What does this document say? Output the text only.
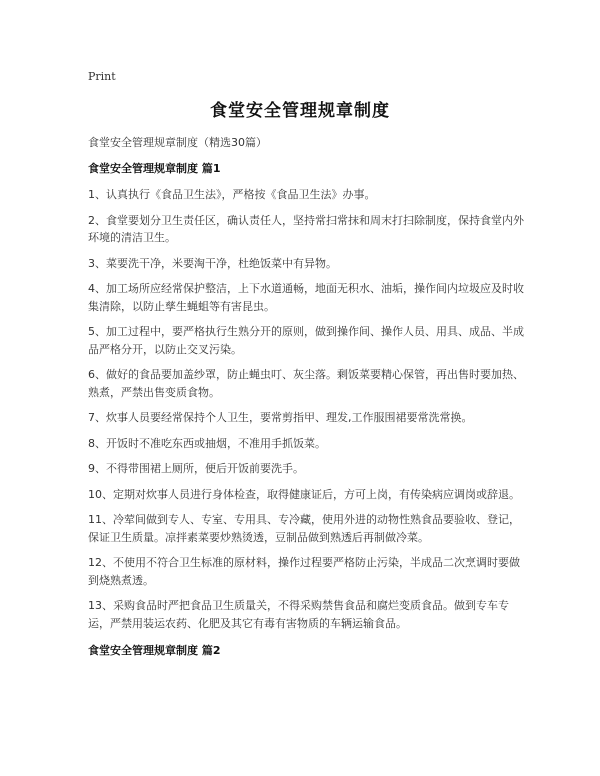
Print
食堂安全管理规章制度

食堂安全管理规章制度（精选30篇）

食堂安全管理规章制度 篇1
1、认真执行《食品卫生法》，严格按《食品卫生法》办事。
2、食堂要划分卫生责任区，确认责任人，坚持常扫常抹和周末打扫除制度，保持食堂内外环境的清洁卫生。
3、菜要洗干净，米要淘干净，杜绝饭菜中有异物。
4、加工场所应经常保护整洁，上下水道通畅，地面无积水、油垢，操作间内垃圾应及时收集清除，以防止孳生蝇蛆等有害昆虫。
5、加工过程中，要严格执行生熟分开的原则，做到操作间、操作人员、用具、成品、半成品严格分开，以防止交叉污染。
6、做好的食品要加盖纱罩，防止蝇虫叮、灰尘落。剩饭菜要精心保管，再出售时要加热、熟煮，严禁出售变质食物。
7、炊事人员要经常保持个人卫生，要常剪指甲、理发,工作服围裙要常洗常换。
8、开饭时不准吃东西或抽烟，不准用手抓饭菜。
9、不得带围裙上厕所，便后开饭前要洗手。
10、定期对炊事人员进行身体检查，取得健康证后，方可上岗，有传染病应调岗或辞退。
11、冷荤间做到专人、专室、专用具、专冷藏，使用外进的动物性熟食品要验收、登记，保证卫生质量。凉拌素菜要炒熟烫透，豆制品做到熟透后再制做冷菜。
12、不使用不符合卫生标准的原材料，操作过程要严格防止污染，半成品二次烹调时要做到烧熟煮透。
13、采购食品时严把食品卫生质量关，不得采购禁售食品和腐烂变质食品。做到专车专运，严禁用装运农药、化肥及其它有毒有害物质的车辆运输食品。
食堂安全管理规章制度 篇2
